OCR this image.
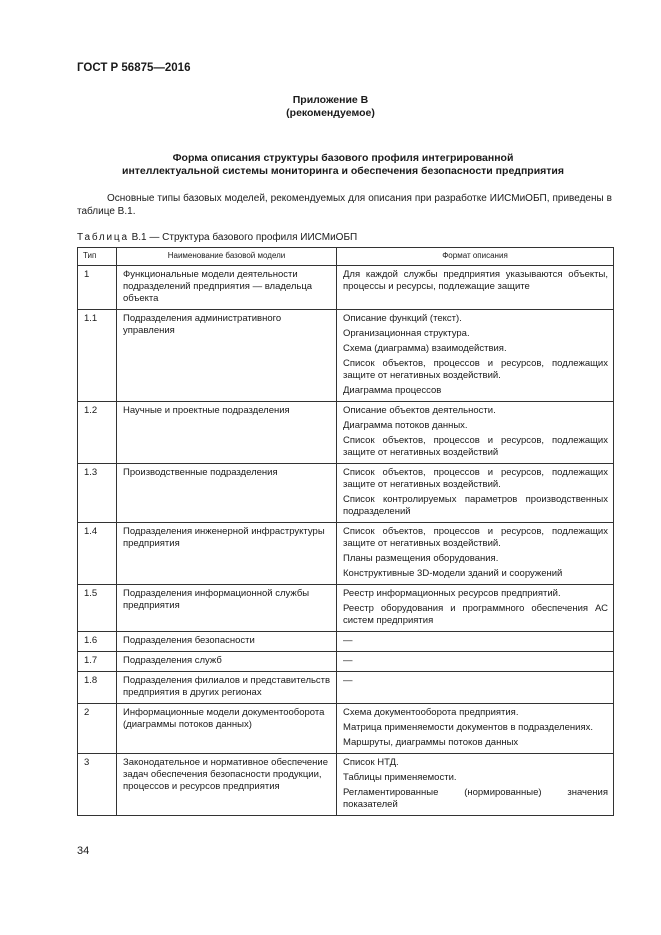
ГОСТ Р 56875—2016
Приложение В
(рекомендуемое)
Форма описания структуры базового профиля интегрированной
интеллектуальной системы мониторинга и обеспечения безопасности предприятия
Основные типы базовых моделей, рекомендуемых для описания при разработке ИИСМиОБП, приведены в таблице В.1.
Таблица В.1 — Структура базового профиля ИИСМиОБП
Тип	Наименование базовой модели	Формат описания
1	Функциональные модели деятельности подразделений предприятия — владельца объекта	Для каждой службы предприятия указываются объекты, процессы и ресурсы, подлежащие защите

1.1	Подразделения административного управления	Описание функций (текст).
Организационная структура.
Схема (диаграмма) взаимодействия.
Список объектов, процессов и ресурсов, подлежащих защите от негативных воздействий.
Диаграмма процессов

1.2	Научные и проектные подразделения	Описание объектов деятельности.
Диаграмма потоков данных.
Список объектов, процессов и ресурсов, подлежащих защите от негативных воздействий

1.3	Производственные подразделения	Список объектов, процессов и ресурсов, подлежащих защите от негативных воздействий.
Список контролируемых параметров производственных подразделений

1.4	Подразделения инженерной инфраструктуры предприятия	Список объектов, процессов и ресурсов, подлежащих защите от негативных воздействий.
Планы размещения оборудования.
Конструктивные 3D-модели зданий и сооружений

1.5	Подразделения информационной службы предприятия	Реестр информационных ресурсов предприятий.
Реестр оборудования и программного обеспечения АС систем предприятия

1.6	Подразделения безопасности	—
1.7	Подразделения служб	—
1.8	Подразделения филиалов и представительств предприятия в других регионах	—
2	Информационные модели документооборота (диаграммы потоков данных)	Схема документооборота предприятия.
Матрица применяемости документов в подразделениях.
Маршруты, диаграммы потоков данных

3	Законодательное и нормативное обеспечение задач обеспечения безопасности продукции, процессов и ресурсов предприятия	Список НТД.
Таблицы применяемости.
Регламентированные (нормированные) значения показателей
34
